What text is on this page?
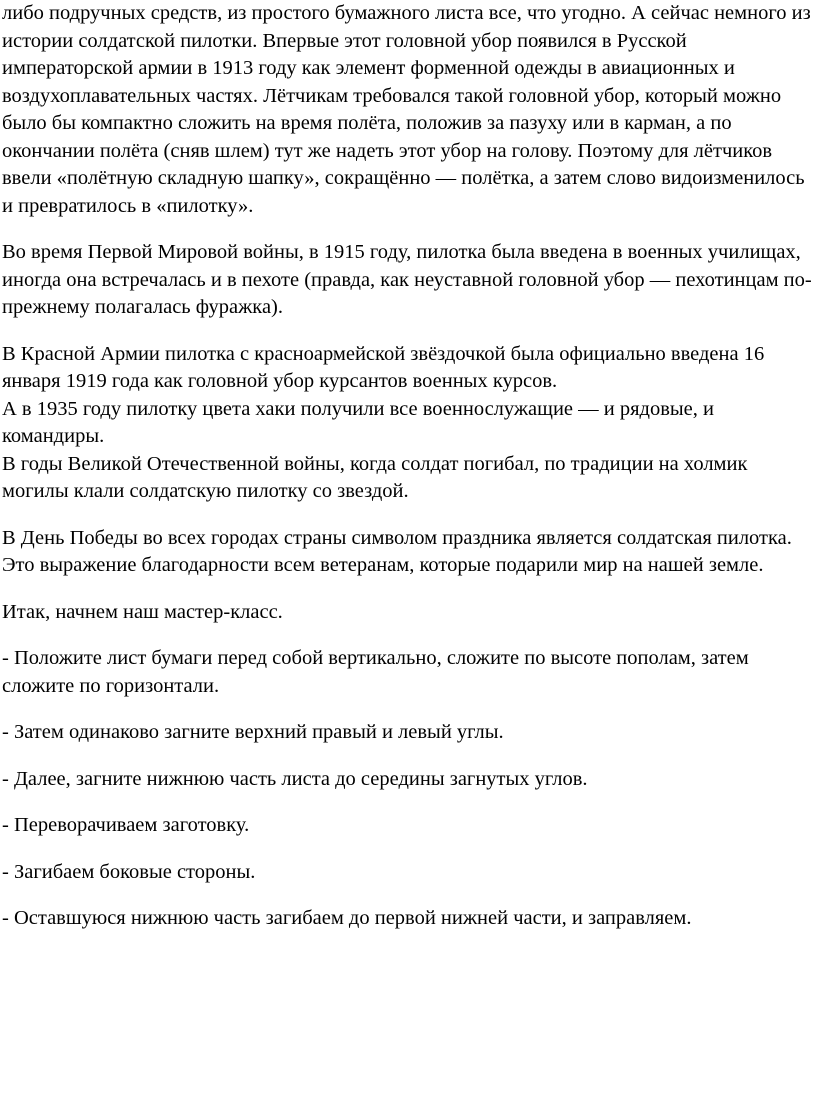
либо подручных средств, из простого бумажного листа все, что угодно. А сейчас немного из истории солдатской пилотки. Впервые этот головной убор появился в Русской императорской армии в 1913 году как элемент форменной одежды в авиационных и воздухоплавательных частях. Лётчикам требовался такой головной убор, который можно было бы компактно сложить на время полёта, положив за пазуху или в карман, а по окончании полёта (сняв шлем) тут же надеть этот убор на голову. Поэтому для лётчиков ввели «полётную складную шапку», сокращённо — полётка, а затем слово видоизменилось и превратилось в «пилотку».

Во время Первой Мировой войны, в 1915 году, пилотка была введена в военных училищах, иногда она встречалась и в пехоте (правда, как неуставной головной убор — пехотинцам по-прежнему полагалась фуражка).

В Красной Армии пилотка с красноармейской звёздочкой была официально введена 16 января 1919 года как головной убор курсантов военных курсов.

А в 1935 году пилотку цвета хаки получили все военнослужащие — и рядовые, и командиры.

В годы Великой Отечественной войны, когда солдат погибал, по традиции на холмик могилы клали солдатскую пилотку со звездой.

В День Победы во всех городах страны символом праздника является солдатская пилотка. Это выражение благодарности всем ветеранам, которые подарили мир на нашей земле.

Итак, начнем наш мастер-класс.

- Положите лист бумаги перед собой вертикально, сложите по высоте пополам, затем сложите по горизонтали.

- Затем одинаково загните верхний правый и левый углы.

- Далее, загните нижнюю часть листа до середины загнутых углов.

- Переворачиваем заготовку.

- Загибаем боковые стороны.

- Оставшуюся нижнюю часть загибаем до первой нижней части, и заправляем.
